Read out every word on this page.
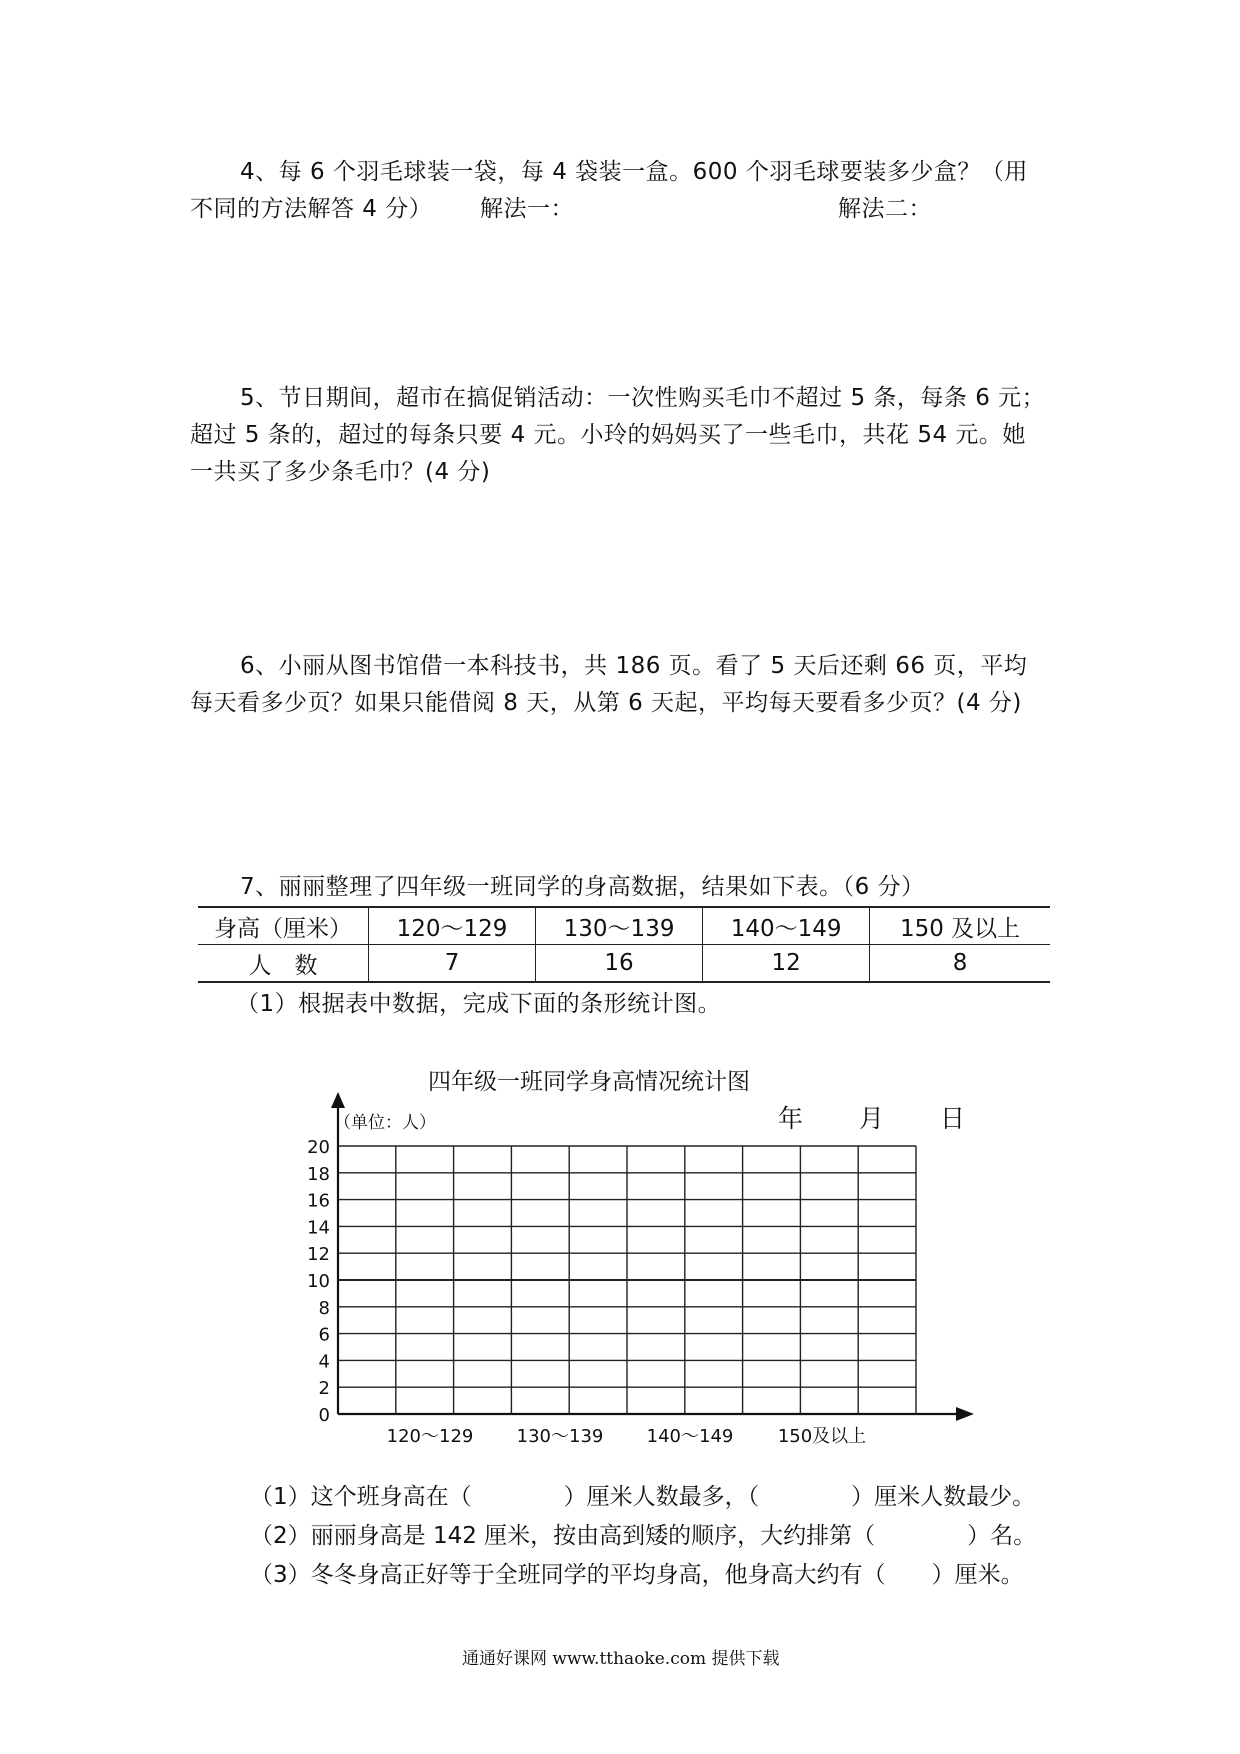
4、每 6 个羽毛球装一袋，每 4 袋装一盒。600 个羽毛球要装多少盒？（用
不同的方法解答 4 分） 解法一：	解法二：
5、节日期间，超市在搞促销活动：一次性购买毛巾不超过 5 条，每条 6 元；
超过 5 条的，超过的每条只要 4 元。小玲的妈妈买了一些毛巾，共花 54 元。她
一共买了多少条毛巾？(4 分)
6、小丽从图书馆借一本科技书，共 186 页。看了 5 天后还剩 66 页，平均
每天看多少页？如果只能借阅 8 天，从第 6 天起，平均每天要看多少页？(4 分)
7、丽丽整理了四年级一班同学的身高数据，结果如下表。（6 分）
身高（厘米）	120～129	130～139	140～149	150 及以上
人　数	7	16	12	8
（1）根据表中数据，完成下面的条形统计图。
四年级一班同学身高情况统计图
年　　月　　日
（单位：人）
20
18
16
14
12
10
8
6
4
2
0
120～129 130～139 140～149 150及以上
（1）这个班身高在（　　　　）厘米人数最多，（　　　　）厘米人数最少。
（2）丽丽身高是 142 厘米，按由高到矮的顺序，大约排第（　　　　）名。
（3）冬冬身高正好等于全班同学的平均身高，他身高大约有（　　）厘米。
通通好课网 www.tthaoke.com 提供下载
